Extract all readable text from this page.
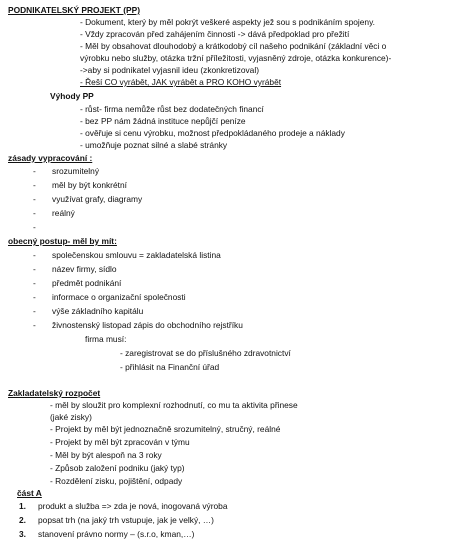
PODNIKATELSKÝ PROJEKT (PP)
- Dokument, který by měl pokrýt veškeré aspekty jež sou s podnikáním spojeny.
- Vždy zpracován před zahájením činnosti -> dává předpoklad pro přežití
- Měl by obsahovat dlouhodobý a krátkodobý cíl našeho podnikání (základní věci o
výrobku nebo služby, otázka tržní příležitosti, vyjasněný zdroje, otázka konkurence)-
->aby si podnikatel vyjasnil ideu (zkonkretizoval)
- Řeší CO vyrábět, JAK vyrábět a PRO KOHO vyrábět
Výhody PP
- růst- firma nemůže růst bez dodatečných financí
- bez PP nám žádná instituce nepůjčí peníze
- ověřuje si cenu výrobku, možnost předpokládaného prodeje a náklady
- umožňuje poznat silné a slabé stránky
zásady vypracování :
- srozumitelný
- měl by být konkrétní
- využívat grafy, diagramy
- reálný
-
obecný postup- měl by mít:
- společenskou smlouvu = zakladatelská listina
- název firmy, sídlo
- předmět podnikání
- informace o organizační společnosti
- výše základního kapitálu
- živnostenský listopad zápis do obchodního rejstříku
firma musí:
- zaregistrovat se do příslušného zdravotnictví
- přihlásit na Finanční úřad
Zakladatelský rozpočet
- měl by sloužit pro komplexní rozhodnutí, co mu ta aktivita přinese
(jaké zisky)
- Projekt by měl být jednoznačně srozumitelný, stručný, reálné
- Projekt by měl být zpracován v týmu
- Měl by být alespoň na 3 roky
- Způsob založení podniku (jaký typ)
- Rozdělení zisku, pojištění, odpady
část A
1. produkt a služba => zda je nová, inogovaná výroba
2. popsat trh (na jaký trh vstupuje, jak je velký, …)
3. stanovení právno normy – (s.r.o, kman,…)
